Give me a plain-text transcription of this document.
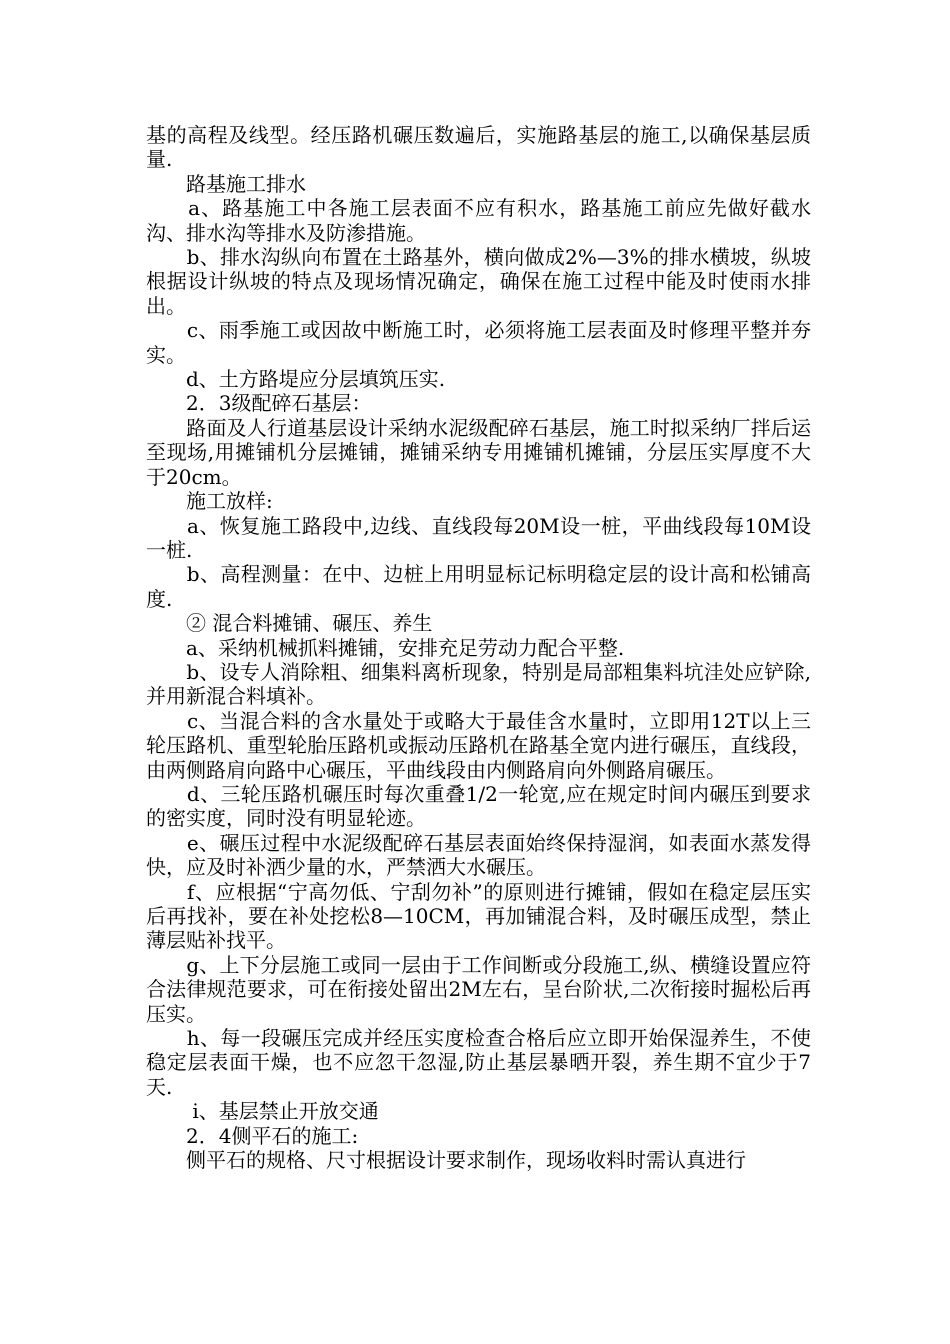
基的高程及线型。经压路机碾压数遍后，实施路基层的施工,以确保基层质量.

　　路基施工排水

　　a、路基施工中各施工层表面不应有积水，路基施工前应先做好截水沟、排水沟等排水及防渗措施。

　　b、排水沟纵向布置在土路基外，横向做成2%—3%的排水横坡，纵坡根据设计纵坡的特点及现场情况确定，确保在施工过程中能及时使雨水排出。

　　c、雨季施工或因故中断施工时，必须将施工层表面及时修理平整并夯实。

　　d、土方路堤应分层填筑压实.

　　2．3级配碎石基层：

　　路面及人行道基层设计采纳水泥级配碎石基层，施工时拟采纳厂拌后运至现场,用摊铺机分层摊铺，摊铺采纳专用摊铺机摊铺，分层压实厚度不大于20cm。

　　施工放样:

　　a、恢复施工路段中,边线、直线段每20M设一桩，平曲线段每10M设一桩.

　　b、高程测量：在中、边桩上用明显标记标明稳定层的设计高和松铺高度.

　　② 混合料摊铺、碾压、养生

　　a、采纳机械抓料摊铺，安排充足劳动力配合平整.

　　b、设专人消除粗、细集料离析现象，特别是局部粗集料坑洼处应铲除,并用新混合料填补。

　　c、当混合料的含水量处于或略大于最佳含水量时，立即用12T以上三轮压路机、重型轮胎压路机或振动压路机在路基全宽内进行碾压，直线段，由两侧路肩向路中心碾压，平曲线段由内侧路肩向外侧路肩碾压。

　　d、三轮压路机碾压时每次重叠1/2一轮宽,应在规定时间内碾压到要求的密实度，同时没有明显轮迹。

　　e、碾压过程中水泥级配碎石基层表面始终保持湿润，如表面水蒸发得快，应及时补洒少量的水，严禁洒大水碾压。

　　f、应根据“宁高勿低、宁刮勿补”的原则进行摊铺，假如在稳定层压实后再找补，要在补处挖松8—10CM，再加铺混合料，及时碾压成型，禁止薄层贴补找平。

　　g、上下分层施工或同一层由于工作间断或分段施工,纵、横缝设置应符合法律规范要求，可在衔接处留出2M左右，呈台阶状,二次衔接时掘松后再压实。

　　h、每一段碾压完成并经压实度检查合格后应立即开始保湿养生，不使稳定层表面干燥，也不应忽干忽湿,防止基层暴晒开裂，养生期不宜少于7天.

　　 i、基层禁止开放交通

　　2．4侧平石的施工:

　　侧平石的规格、尺寸根据设计要求制作，现场收料时需认真进行
